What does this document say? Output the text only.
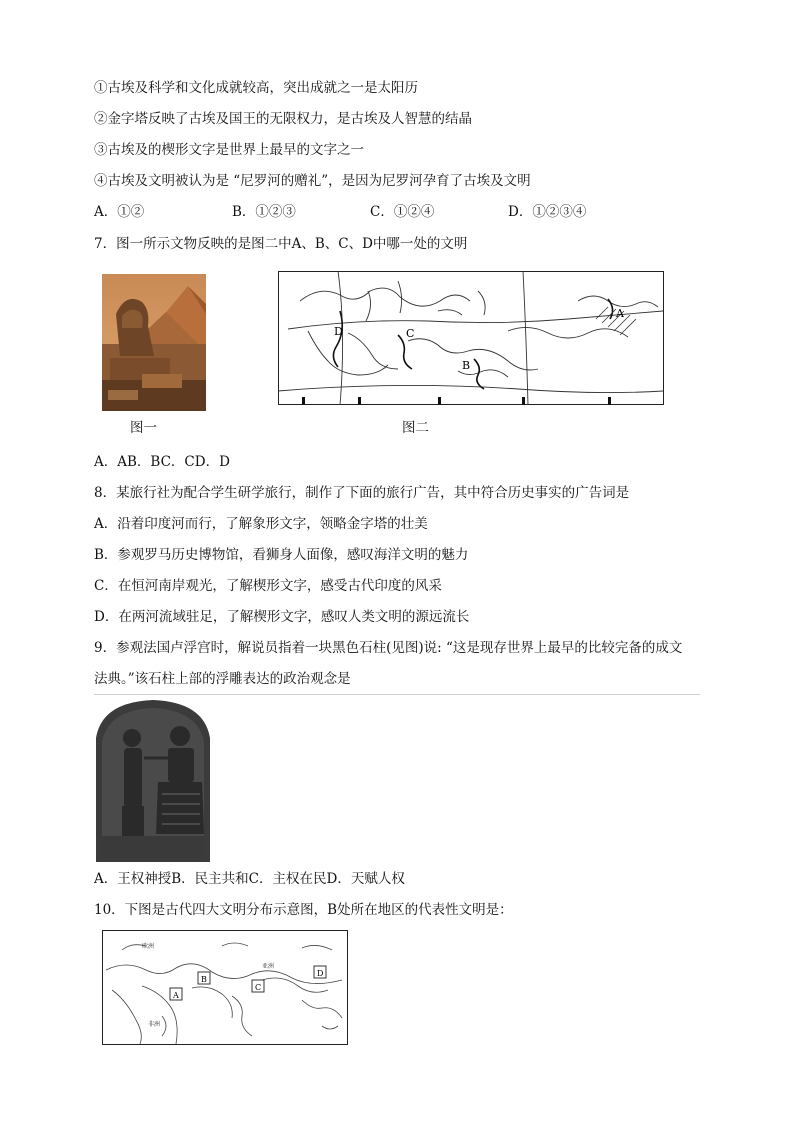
①古埃及科学和文化成就较高，突出成就之一是太阳历
②金字塔反映了古埃及国王的无限权力，是古埃及人智慧的结晶
③古埃及的楔形文字是世界上最早的文字之一
④古埃及文明被认为是 “尼罗河的赠礼”，是因为尼罗河孕育了古埃及文明
A．①②	B．①②③	C．①②④	D．①②③④
7．图一所示文物反映的是图二中A、B、C、D中哪一处的文明
D	C
B
A
图一	图二
A．AB．BC．CD．D
8．某旅行社为配合学生研学旅行，制作了下面的旅行广告，其中符合历史事实的广告词是
A．沿着印度河而行，了解象形文字，领略金字塔的壮美
B．参观罗马历史博物馆，看狮身人面像，感叹海洋文明的魅力
C．在恒河南岸观光，了解楔形文字，感受古代印度的风采
D．在两河流域驻足，了解楔形文字，感叹人类文明的源远流长
9．参观法国卢浮宫时，解说员指着一块黑色石柱(见图)说: “这是现存世界上最早的比较完备的成文
法典。”该石柱上部的浮雕表达的政治观念是
A．王权神授B．民主共和C．主权在民D．天赋人权
10．下图是古代四大文明分布示意图，B处所在地区的代表性文明是：
A
B
C
D
欧洲
亚洲
非洲
